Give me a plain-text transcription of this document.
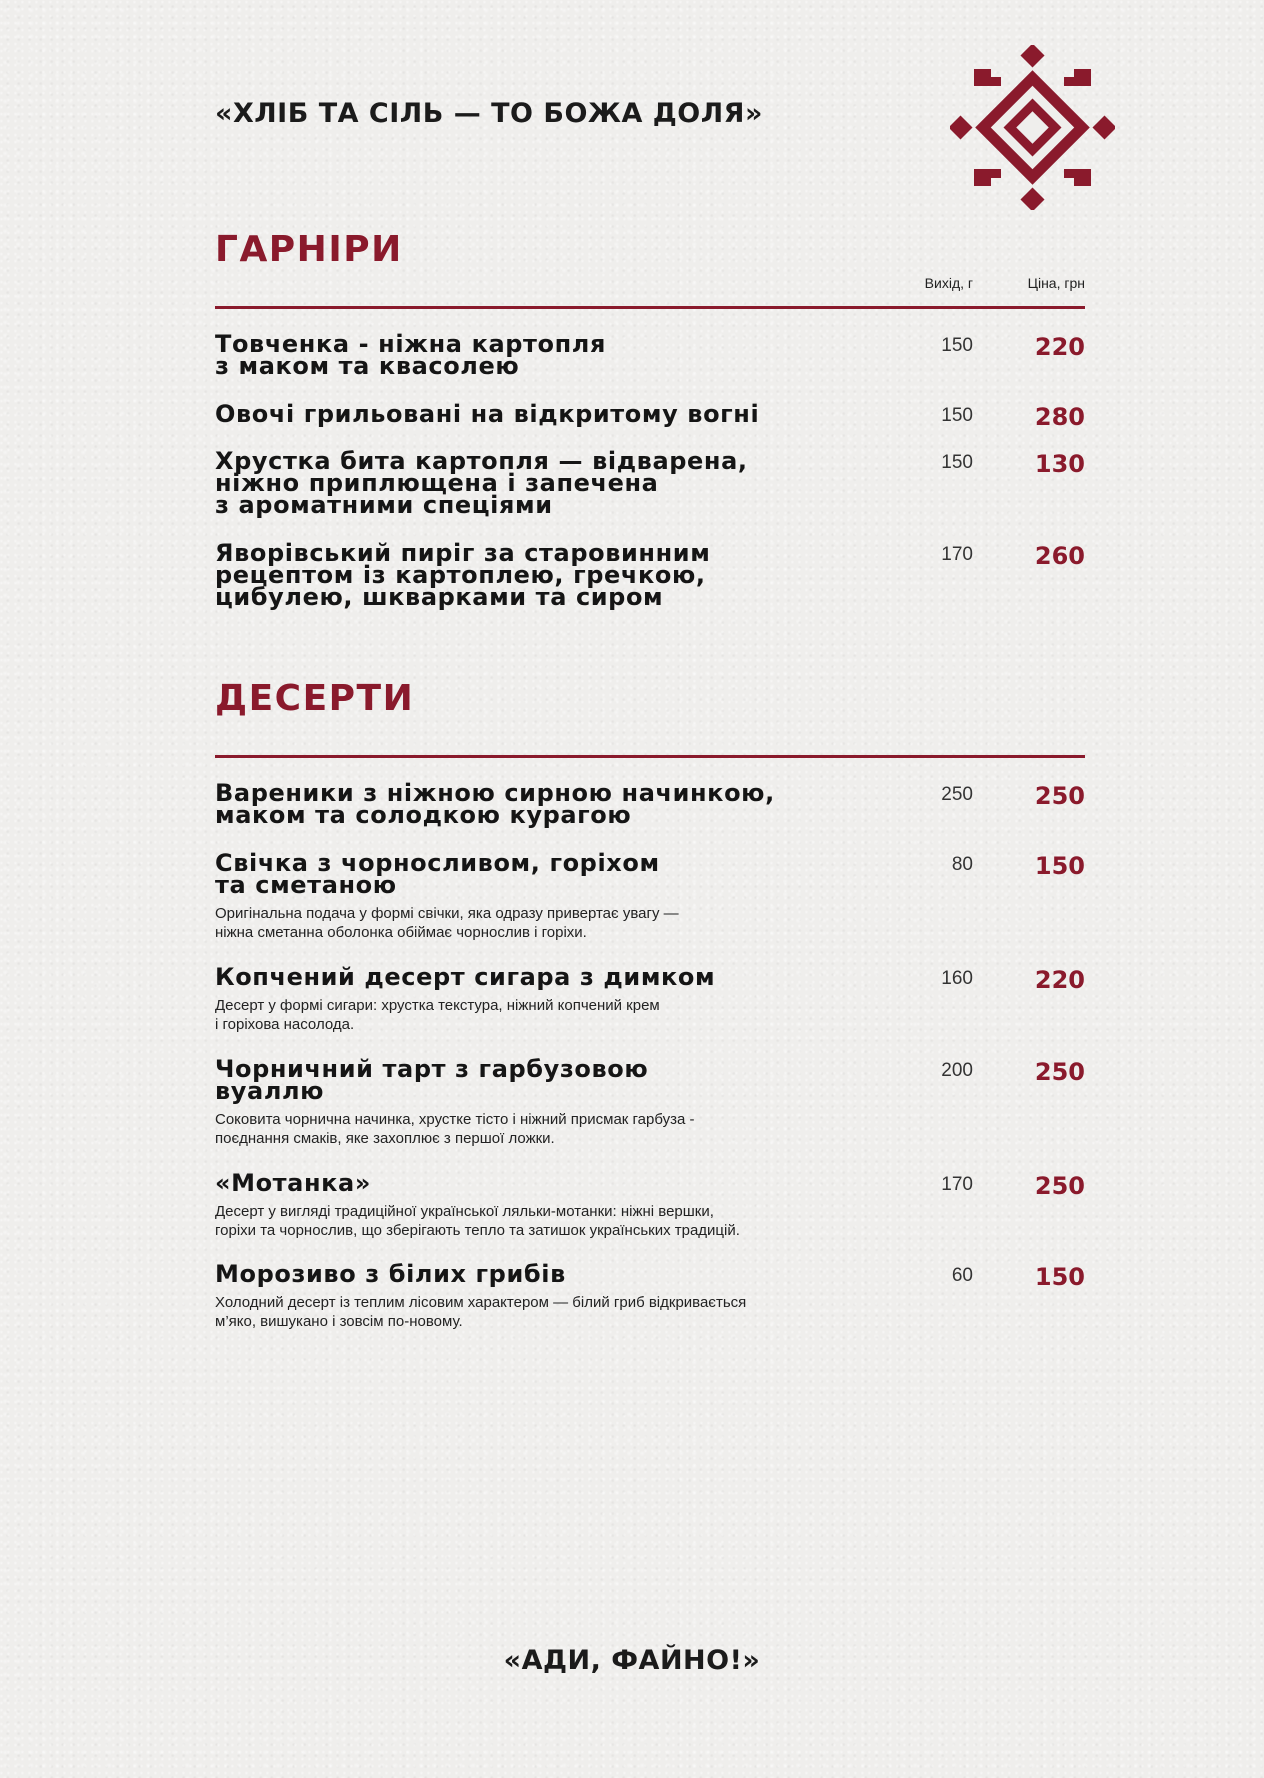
«ХЛІБ ТА СІЛЬ — ТО БОЖА ДОЛЯ»
ГАРНІРИ
Вихід, г	Ціна, грн
Товченка - ніжна картопля
з маком та квасолею
150	220
Овочі грильовані на відкритому вогні	150	280
Хрустка бита картопля — відварена,
ніжно приплющена і запечена
з ароматними спеціями
150	130
Яворівський пиріг за старовинним
рецептом із картоплею, гречкою,
цибулею, шкварками та сиром
170	260
ДЕСЕРТИ
Вареники з ніжною сирною начинкою,
маком та солодкою курагою
250	250
Свічка з чорносливом, горіхом
та сметаною
Оригінальна подача у формі свічки, яка одразу привертає увагу —
ніжна сметанна оболонка обіймає чорнослив і горіхи.
80	150
Копчений десерт сигара з димком
Десерт у формі сигари: хрустка текстура, ніжний копчений крем
і горіхова насолода.
160	220
Чорничний тарт з гарбузовою
вуаллю
Соковита чорнична начинка, хрустке тісто і ніжний присмак гарбуза -
поєднання смаків, яке захоплює з першої ложки.
200	250
«Мотанка»
Десерт у вигляді традиційної української ляльки-мотанки: ніжні вершки,
горіхи та чорнослив, що зберігають тепло та затишок українських традицій.
170	250
Морозиво з білих грибів
Холодний десерт із теплим лісовим характером — білий гриб відкривається
м’яко, вишукано і зовсім по-новому.
60	150
«АДИ, ФАЙНО!»
